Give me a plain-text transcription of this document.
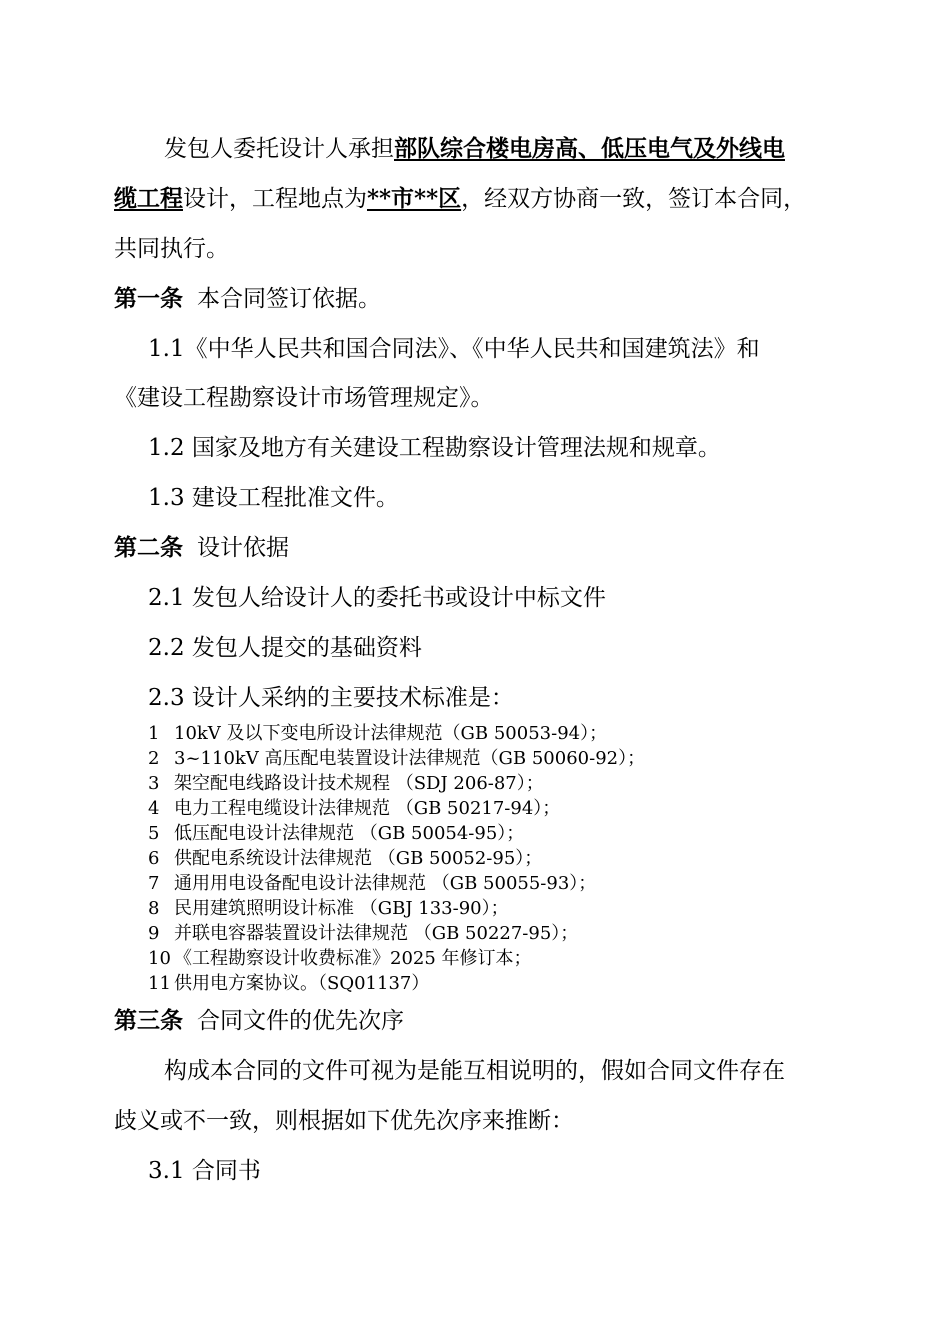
发包人委托设计人承担部队综合楼电房高、低压电气及外线电
缆工程设计，工程地点为**市**区，经双方协商一致，签订本合同，
共同执行。
第一条 本合同签订依据。
1.1《中华人民共和国合同法》、《中华人民共和国建筑法》和
《建设工程勘察设计市场管理规定》。
1.2 国家及地方有关建设工程勘察设计管理法规和规章。
1.3 建设工程批准文件。
第二条 设计依据
2.1 发包人给设计人的委托书或设计中标文件
2.2 发包人提交的基础资料
2.3 设计人采纳的主要技术标准是：
1 10kV 及以下变电所设计法律规范（GB 50053-94）；
2 3~110kV 高压配电装置设计法律规范（GB 50060-92）；
3 架空配电线路设计技术规程 （SDJ 206-87）；
4 电力工程电缆设计法律规范 （GB 50217-94）；
5 低压配电设计法律规范 （GB 50054-95）；
6 供配电系统设计法律规范 （GB 50052-95）；
7 通用用电设备配电设计法律规范 （GB 50055-93）；
8 民用建筑照明设计标准 （GBJ 133-90）；
9 并联电容器装置设计法律规范 （GB 50227-95）；
10 《工程勘察设计收费标准》2025 年修订本；
11 供用电方案协议。（SQ01137）
第三条 合同文件的优先次序
构成本合同的文件可视为是能互相说明的，假如合同文件存在
歧义或不一致，则根据如下优先次序来推断：
3.1 合同书
